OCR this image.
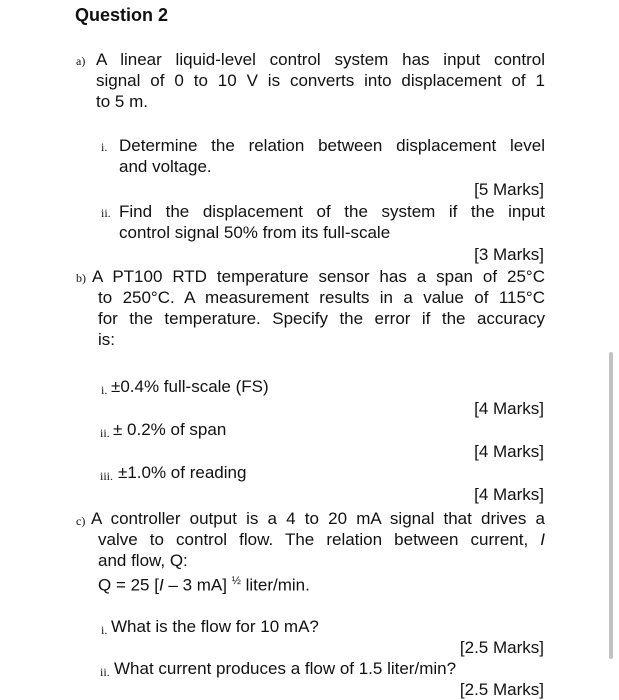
Question 2
a) A linear liquid-level control system has input control
signal of 0 to 10 V is converts into displacement of 1
to 5 m.
i. Determine the relation between displacement level
and voltage.
[5 Marks]
ii. Find the displacement of the system if the input
control signal 50% from its full-scale
[3 Marks]
b) A PT100 RTD temperature sensor has a span of 25°C
to 250°C. A measurement results in a value of 115°C
for the temperature. Specify the error if the accuracy
is:
i. ±0.4% full-scale (FS)
[4 Marks]
ii. ± 0.2% of span
[4 Marks]
iii. ±1.0% of reading
[4 Marks]
c) A controller output is a 4 to 20 mA signal that drives a
valve to control flow. The relation between current, I
and flow, Q:
Q = 25 [I – 3 mA] $^{\frac{1}{2}}$ liter/min.
i. What is the flow for 10 mA?
[2.5 Marks]
ii. What current produces a flow of 1.5 liter/min?
[2.5 Marks]
